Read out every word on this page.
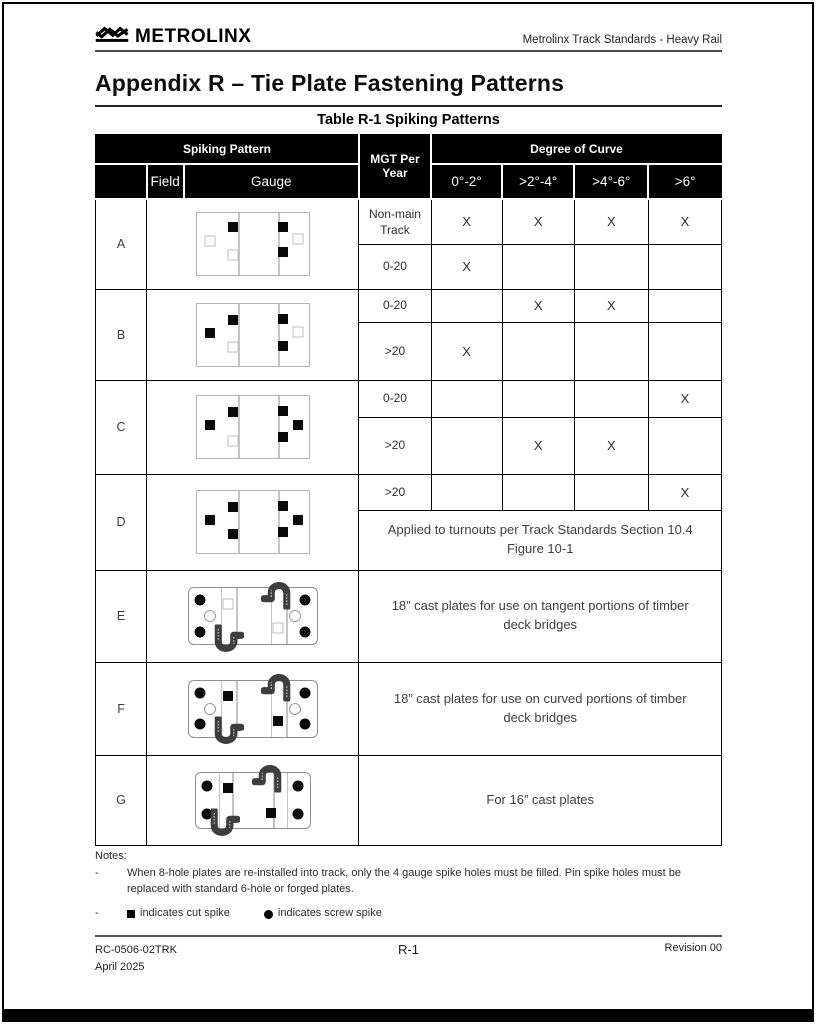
METROLINX	Metrolinx Track Standards - Heavy Rail
Appendix R – Tie Plate Fastening Patterns
Table R-1 Spiking Patterns
Spiking Pattern			MGT Per Year	Degree of Curve			
	Field	Gauge		0°-2°	>2°-4°	>4°-6°	>6°
A			Non-main Track	X	X	X	X
			0-20	X			
B			0-20		X	X	
			>20	X			
C			0-20				X
			>20		X	X	
D			>20				X
			Applied to turnouts per Track Standards Section 10.4 Figure 10-1				
E			18” cast plates for use on tangent portions of timber deck bridges				
F			18” cast plates for use on curved portions of timber deck bridges				
G			For 16” cast plates				
Notes:
-	When 8-hole plates are re-installed into track, only the 4 gauge spike holes must be filled. Pin spike holes must be replaced with standard 6-hole or forged plates.
-	indicates cut spike	indicates screw spike
RC-0506-02TRK
April 2025
R-1	Revision 00
